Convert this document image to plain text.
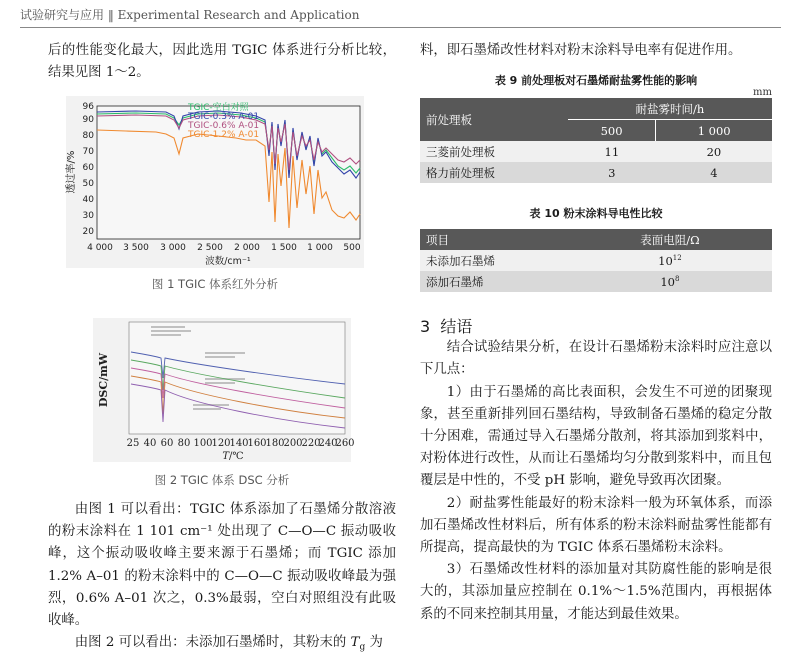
试验研究与应用 ‖ Experimental Research and Application

后的性能变化最大，因此选用 TGIC 体系进行分析比较，结果见图 1～2。

96
90
80
70
60
50
40
30
20
透过率/%
4 000 3 500 3 000 2 500 2 000 1 500 1 000 500
波数/cm⁻¹
TGIC-空白对照
TGIC-0.3% A-01
TGIC-0.6% A-01
TGIC-1.2% A-01
图 1 TGIC 体系红外分析
DSC/mW
25 40 60 80 100
120
140
160
180
200
220
240
260
T/℃
图 2 TGIC 体系 DSC 分析

由图 1 可以看出：TGIC 体系添加了石墨烯分散溶液的粉末涂料在 1 101 cm⁻¹ 处出现了 C—O—C 振动吸收峰，这个振动吸收峰主要来源于石墨烯；而 TGIC 添加 1.2% A–01 的粉末涂料中的 C—O—C 振动吸收峰最为强烈，0.6% A–01 次之，0.3%最弱，空白对照组没有此吸收峰。

由图 2 可以看出：未添加石墨烯时，其粉末的 $T_g$ 为

料，即石墨烯改性材料对粉末涂料导电率有促进作用。

表 9 前处理板对石墨烯耐盐雾性能的影响

mm

前处理板	耐盐雾时间/h	
	500	1 000
三菱前处理板	11	20
格力前处理板	3	4

表 10 粉末涂料导电性比较

项目	表面电阻/Ω
未添加石墨烯	$10^{12}$
添加石墨烯	$10^8$

3 结语

结合试验结果分析，在设计石墨烯粉末涂料时应注意以下几点：

1）由于石墨烯的高比表面积，会发生不可逆的团聚现象，甚至重新排列回石墨结构，导致制备石墨烯的稳定分散十分困难，需通过导入石墨烯分散剂，将其添加到浆料中，对粉体进行改性，从而让石墨烯均匀分散到浆料中，而且包覆层是中性的，不受 pH 影响，避免导致再次团聚。

2）耐盐雾性能最好的粉末涂料一般为环氧体系，而添加石墨烯改性材料后，所有体系的粉末涂料耐盐雾性能都有所提高，提高最快的为 TGIC 体系石墨烯粉末涂料。

3）石墨烯改性材料的添加量对其防腐性能的影响是很大的，其添加量应控制在 0.1%～1.5%范围内，再根据体系的不同来控制其用量，才能达到最佳效果。
